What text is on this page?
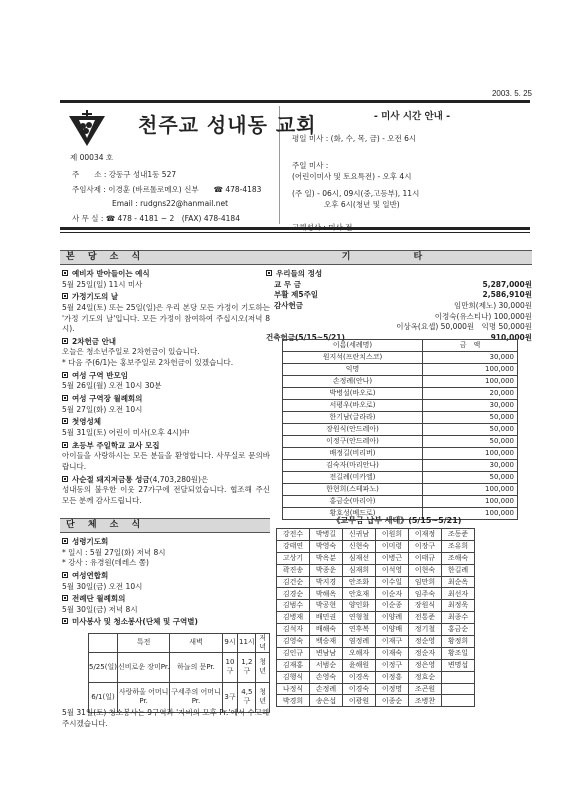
2003. 5. 25
천주교 성내동 교회
제 00034 호
주　　소 : 강동구 성내1동 527
주임사제 : 이경훈 (바르톨로메오) 신부　　 ☎ 478-4183
Email : rudgns22@hanmail.net
사 무 실 : ☎ 478 - 4181 ~ 2　(FAX) 478-4184
- 미사 시간 안내 -
평일 미사 : (화, 수, 목, 금) - 오전 6시
주일 미사 :
(어린이미사 및 토요특전) - 오후 4시
(주 일) - 06시, 09시(중,고등부), 11시
오후 6시(청년 및 일반)
고해성사 : 미사 전
본 당 소 식
예비자 받아들이는 예식
5월 25일(일) 11시 미사
가정기도의 날
5월 24일(토) 또는 25일(일)은 우리 본당 모든 가정이 기도하는 '가정 기도의 날'입니다. 모든 가정이 참여하여 주십시오(저녁 8시).
2차헌금 안내
오늘은 청소년주일로 2차헌금이 있습니다.
* 다음 주(6/1)는 홍보주일로 2차헌금이 있겠습니다.
여성 구역 반모임
5월 26일(월) 오전 10시 30분
여성 구역장 월례회의
5월 27일(화) 오전 10시
첫영성체
5월 31일(토) 어린이 미사(오후 4시)中
초등부 주일학교 교사 모집
아이들을 사랑하시는 모든 분들을 환영합니다. 사무실로 문의바랍니다.
사순절 돼지저금통 성금(4,703,280원)은
성내동의 불우한 이웃 27가구에 전달되었습니다. 협조해 주신 모든 분께 감사드립니다.
단 체 소 식
성령기도회
* 일시 : 5월 27일(화) 저녁 8시
* 강사 : 유경원(데레스 쫌)
여성연합회
5월 30일(금) 오전 10시
전례단 월례회의
5월 30일(금) 저녁 8시
미사봉사 및 청소봉사(단체 및 구역별)
	특전	새벽	9시	11시	저녁
5/25(일)	신비로운 장미Pr.	하늘의 문Pr.	10구	1,2구	청년
6/1(일)	사랑하올 어머니Pr.	구세주의 어머니Pr.	3구	4,5구	청년
5월 31일(토) 청소봉사는 9구역과 '자비의 모후 Pr.'에서 수고해 주시겠습니다.
기 타
우리들의 정성
교 무 금	5,287,000원
부활 제5주일	2,586,910원
감사헌금	임만희(제노) 30,000원
이정숙(유스티나) 100,000원
이상옥(요셉) 50,000원　익명 50,000원
건축헌금(5/15~5/21)	910,000원
이름(세례명)	금　액
원지석(프란치스코)	30,000
익명	100,000
손정례(안나)	100,000
박병설(바오로)	20,000
서평우(바오로)	30,000
한기남(글라라)	50,000
장원식(안드레아)	50,000
이정구(안드레아)	50,000
배정길(비리버)	100,000
김숙자(마리안나)	30,000
전길례(미카엘)	50,000
한현희(스테파노)	100,000
홍금순(마리아)	100,000
황호성(베드로)	100,000
《교무금 납부 세대》(5/15~5/21)
강전수	박병길	신귀남	이원희	이재정	조동준
강태연	박영숙	신현숙	이미령	이장구	조유희
고상기	박옥분	심재선	이병근	이태규	조해숙
곽진송	박종운	심재희	이석영	이현숙	한길례
김건순	박지경	안조화	이수일	임만희	최순옥
김경순	박해옥	안호재	이순자	임주숙	최선자
김범수	박공현	양인화	이순종	장원식	최정욱
김병재	배민권	연형철	이양례	전통준	최종수
김석자	배해숙	연후복	이양배	정기철	홍금순
김영숙	백승재	염정례	이재구	정순영	황정희
김인규	변남남	오해자	이재숙	정순자	황조일
김재홍	서범순	윤해원	이정구	정은영	변명섭
김행식	손영숙	이경옥	이정흥	정효순	
나정식	손정례	이경숙	이정명	조곤원	
박경희	송은섭	이광원	이종순	조병찬	
